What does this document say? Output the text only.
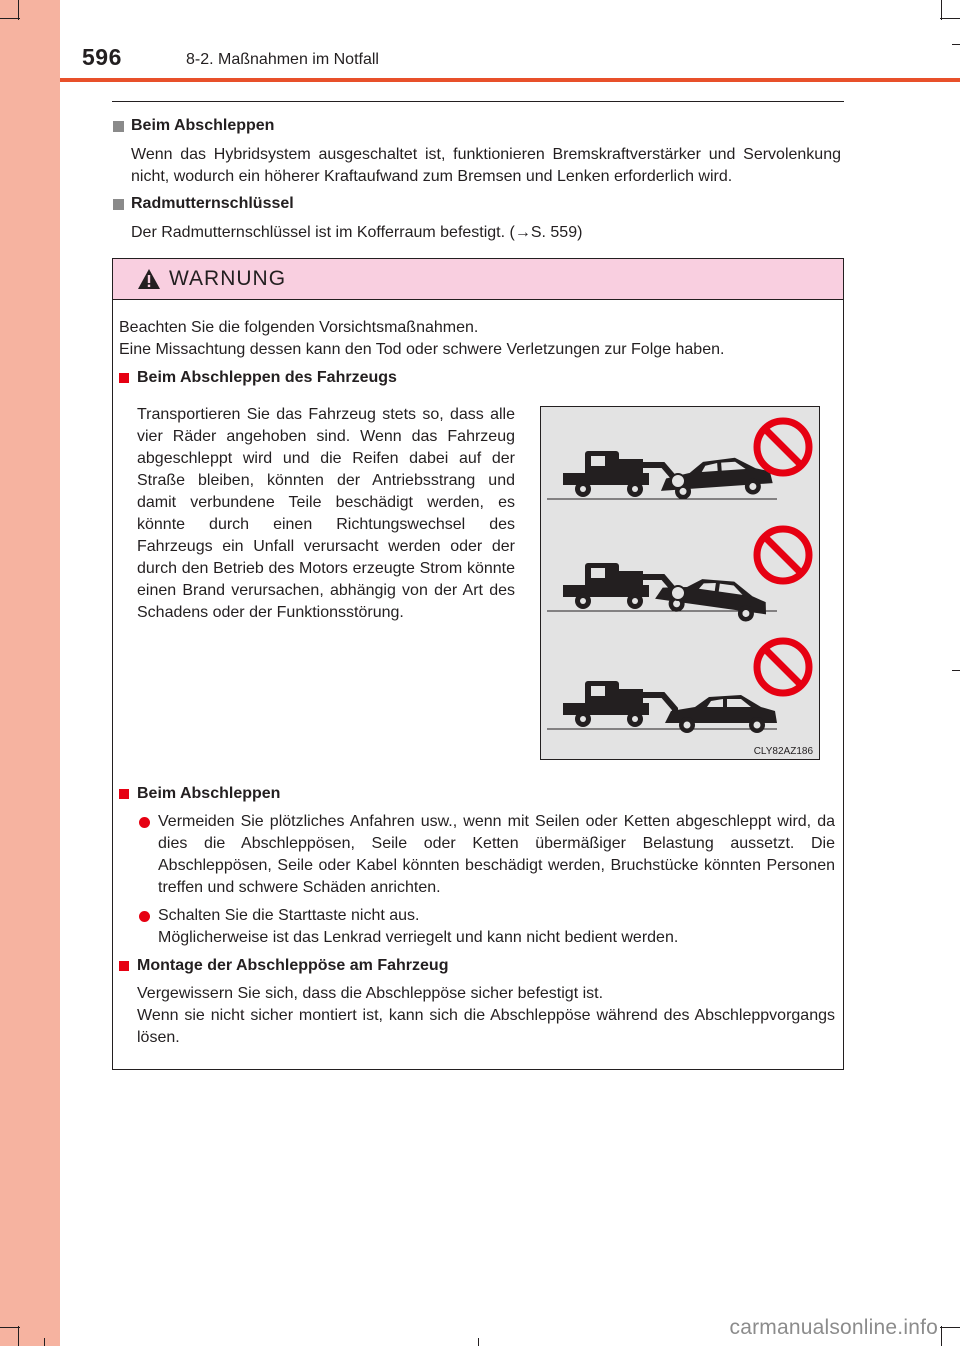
596	8-2. Maßnahmen im Notfall
Beim Abschleppen
Wenn das Hybridsystem ausgeschaltet ist, funktionieren Bremskraftverstärker und Servolenkung nicht, wodurch ein höherer Kraftaufwand zum Bremsen und Lenken erforderlich wird.
Radmutternschlüssel
Der Radmutternschlüssel ist im Kofferraum befestigt. (→S. 559)
WARNUNG
Beachten Sie die folgenden Vorsichtsmaßnahmen.
Eine Missachtung dessen kann den Tod oder schwere Verletzungen zur Folge haben.
Beim Abschleppen des Fahrzeugs
Transportieren Sie das Fahrzeug stets so, dass alle vier Räder angehoben sind. Wenn das Fahrzeug abgeschleppt wird und die Reifen dabei auf der Straße bleiben, könnten der Antriebsstrang und damit verbundene Teile beschädigt werden, es könnte durch einen Richtungswechsel des Fahrzeugs ein Unfall verursacht werden oder der durch den Betrieb des Motors erzeugte Strom könnte einen Brand verursachen, abhängig von der Art des Schadens oder der Funktionsstörung.
Beim Abschleppen
Vermeiden Sie plötzliches Anfahren usw., wenn mit Seilen oder Ketten abgeschleppt wird, da dies die Abschleppösen, Seile oder Ketten übermäßiger Belastung aussetzt. Die Abschleppösen, Seile oder Kabel könnten beschädigt werden, Bruchstücke könnten Personen treffen und schwere Schäden anrichten.
Schalten Sie die Starttaste nicht aus.
Möglicherweise ist das Lenkrad verriegelt und kann nicht bedient werden.
Montage der Abschleppöse am Fahrzeug
Vergewissern Sie sich, dass die Abschleppöse sicher befestigt ist.
Wenn sie nicht sicher montiert ist, kann sich die Abschleppöse während des Abschleppvorgangs lösen.
CLY82AZ186
carmanualsonline.info
